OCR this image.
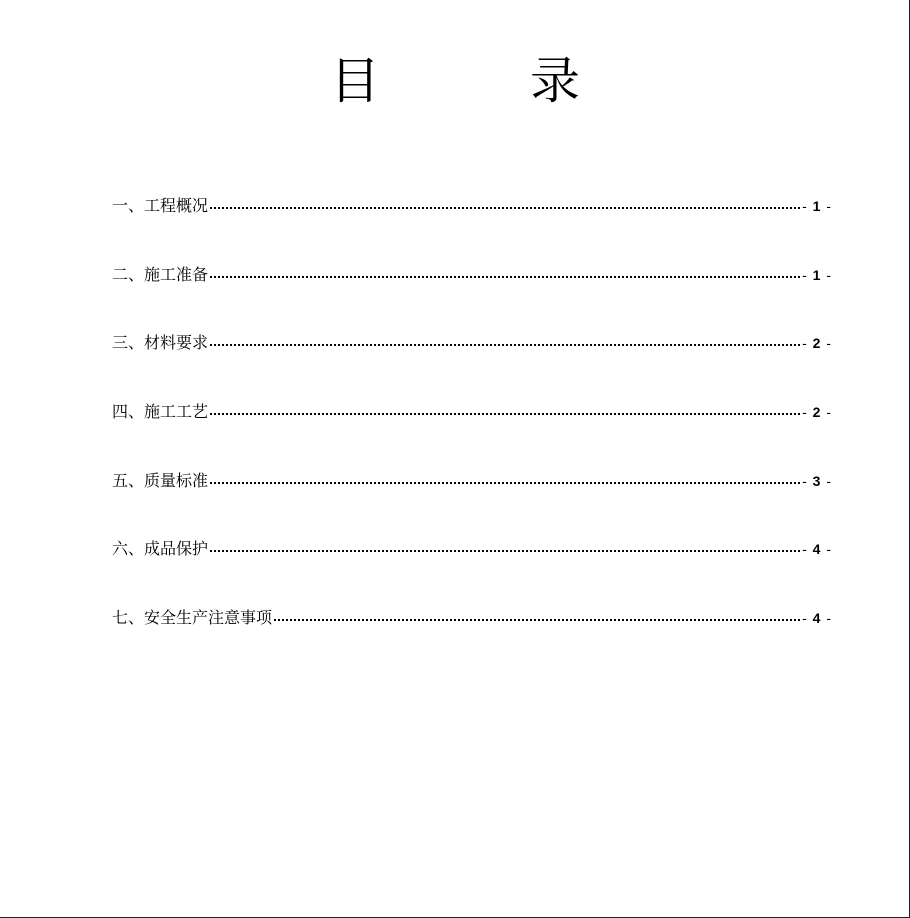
目　录
一、工程概况	- 1 -
二、施工准备	- 1 -
三、材料要求	- 2 -
四、施工工艺	- 2 -
五、质量标准	- 3 -
六、成品保护	- 4 -
七、安全生产注意事项	- 4 -
